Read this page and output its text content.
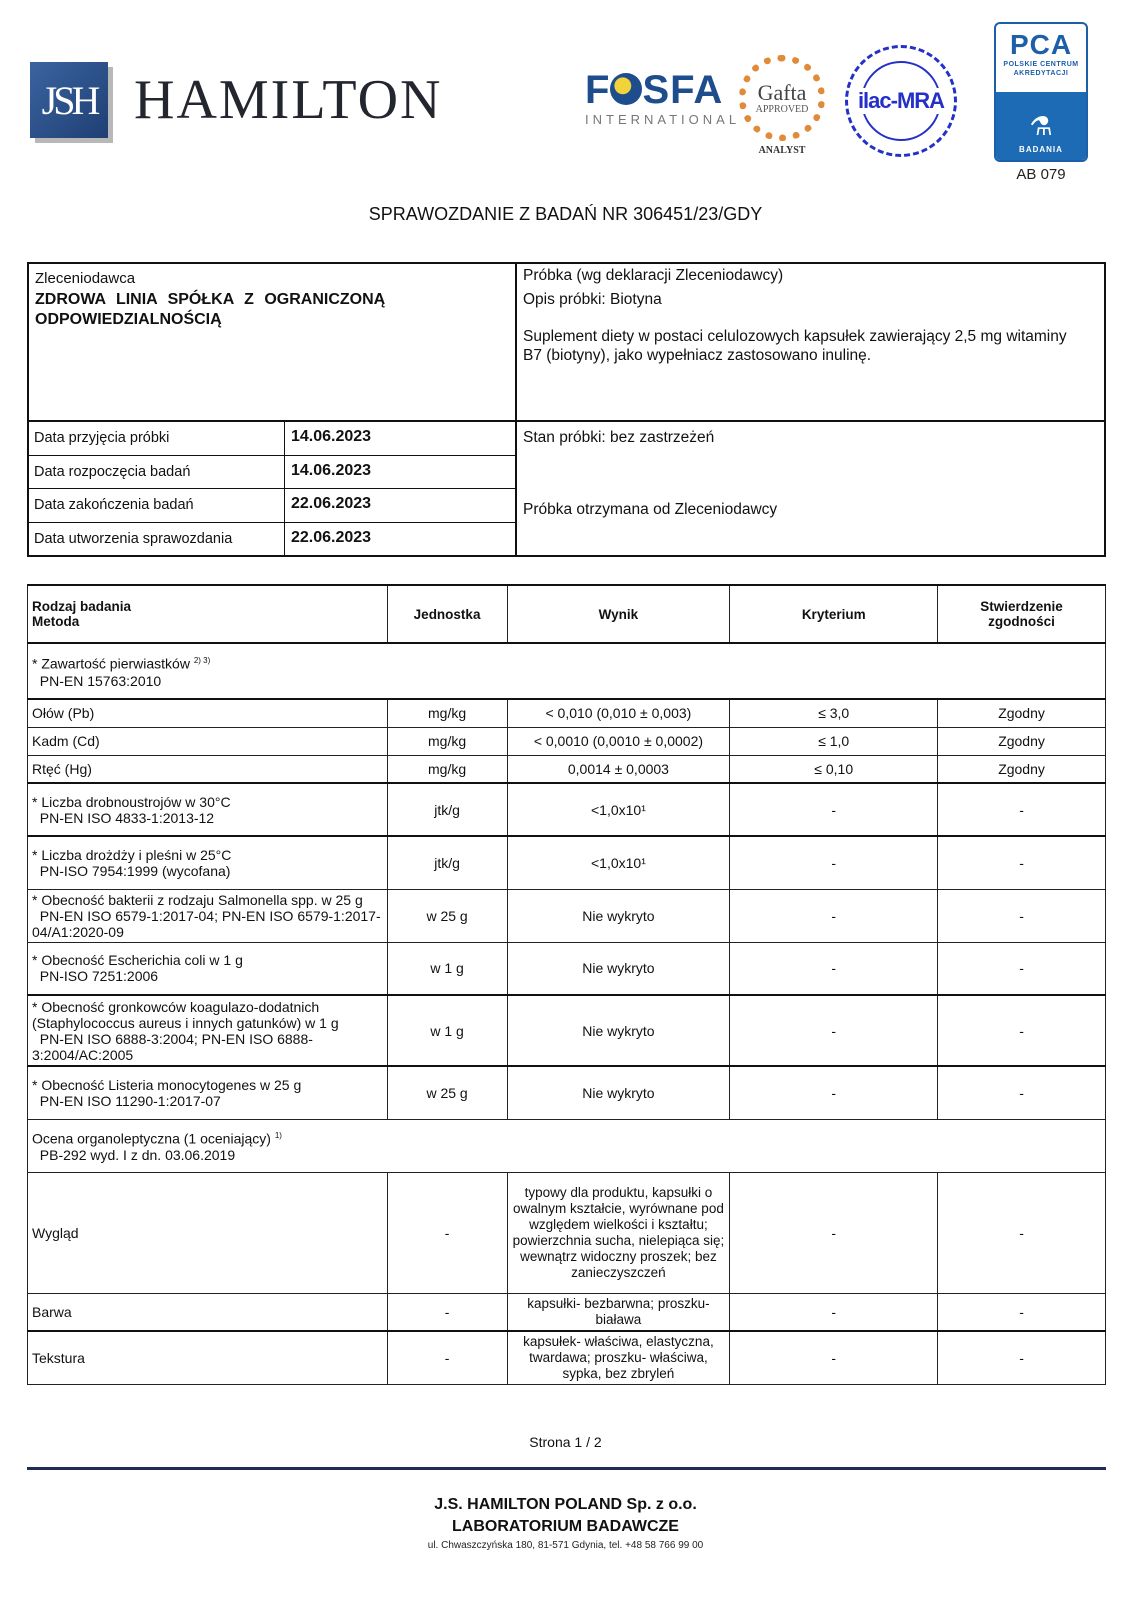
JSH HAMILTON	F SFA
INTERNATIONAL
Gafta
APPROVED
ANALYST
ilac-MRA
PCA
POLSKIE CENTRUM
AKREDYTACJI
⚗
BADANIA
AB 079
SPRAWOZDANIE Z BADAŃ NR 306451/23/GDY
Zleceniodawca
ZDROWA LINIA SPÓŁKA Z OGRANICZONĄ ODPOWIEDZIALNOŚCIĄ
Próbka (wg deklaracji Zleceniodawcy)
Opis próbki: Biotyna
Suplement diety w postaci celulozowych kapsułek zawierający 2,5 mg witaminy B7 (biotyny), jako wypełniacz zastosowano inulinę.
Stan próbki: bez zastrzeżeń
Próbka otrzymana od Zleceniodawcy
Data przyjęcia próbki	14.06.2023
Data rozpoczęcia badań	14.06.2023
Data zakończenia badań	22.06.2023
Data utworzenia sprawozdania	22.06.2023
Rodzaj badania
Metoda	Jednostka	Wynik	Kryterium	Stwierdzenie
zgodności
* Zawartość pierwiastków $^{2) 3)}$
PN-EN 15763:2010				
Ołów (Pb)	mg/kg	< 0,010 (0,010 ± 0,003)	≤ 3,0	Zgodny
Kadm (Cd)	mg/kg	< 0,0010 (0,0010 ± 0,0002)	≤ 1,0	Zgodny
Rtęć (Hg)	mg/kg	0,0014 ± 0,0003	≤ 0,10	Zgodny
* Liczba drobnoustrojów w 30°C
PN-EN ISO 4833-1:2013-12	jtk/g	<1,0x10¹	-	-
* Liczba drożdży i pleśni w 25°C
PN-ISO 7954:1999 (wycofana)	jtk/g	<1,0x10¹	-	-
* Obecność bakterii z rodzaju Salmonella spp. w 25 g
PN-EN ISO 6579-1:2017-04; PN-EN ISO 6579-1:2017-04/A1:2020-09	w 25 g	Nie wykryto	-	-
* Obecność Escherichia coli w 1 g
PN-ISO 7251:2006	w 1 g	Nie wykryto	-	-
* Obecność gronkowców koagulazo-dodatnich (Staphylococcus aureus i innych gatunków) w 1 g
PN-EN ISO 6888-3:2004; PN-EN ISO 6888-3:2004/AC:2005	w 1 g	Nie wykryto	-	-
* Obecność Listeria monocytogenes w 25 g
PN-EN ISO 11290-1:2017-07	w 25 g	Nie wykryto	-	-
Ocena organoleptyczna (1 oceniający) $^{1)}$
PB-292 wyd. I z dn. 03.06.2019				
Wygląd	-	typowy dla produktu, kapsułki o owalnym kształcie, wyrównane pod względem wielkości i kształtu; powierzchnia sucha, nielepiąca się; wewnątrz widoczny proszek; bez zanieczyszczeń	-	-
Barwa	-	kapsułki- bezbarwna; proszku- biaława	-	-
Tekstura	-	kapsułek- właściwa, elastyczna, twardawa; proszku- właściwa, sypka, bez zbryleń	-	-
Strona 1 / 2
J.S. HAMILTON POLAND Sp. z o.o.
LABORATORIUM BADAWCZE
ul. Chwaszczyńska 180, 81-571 Gdynia, tel. +48 58 766 99 00
